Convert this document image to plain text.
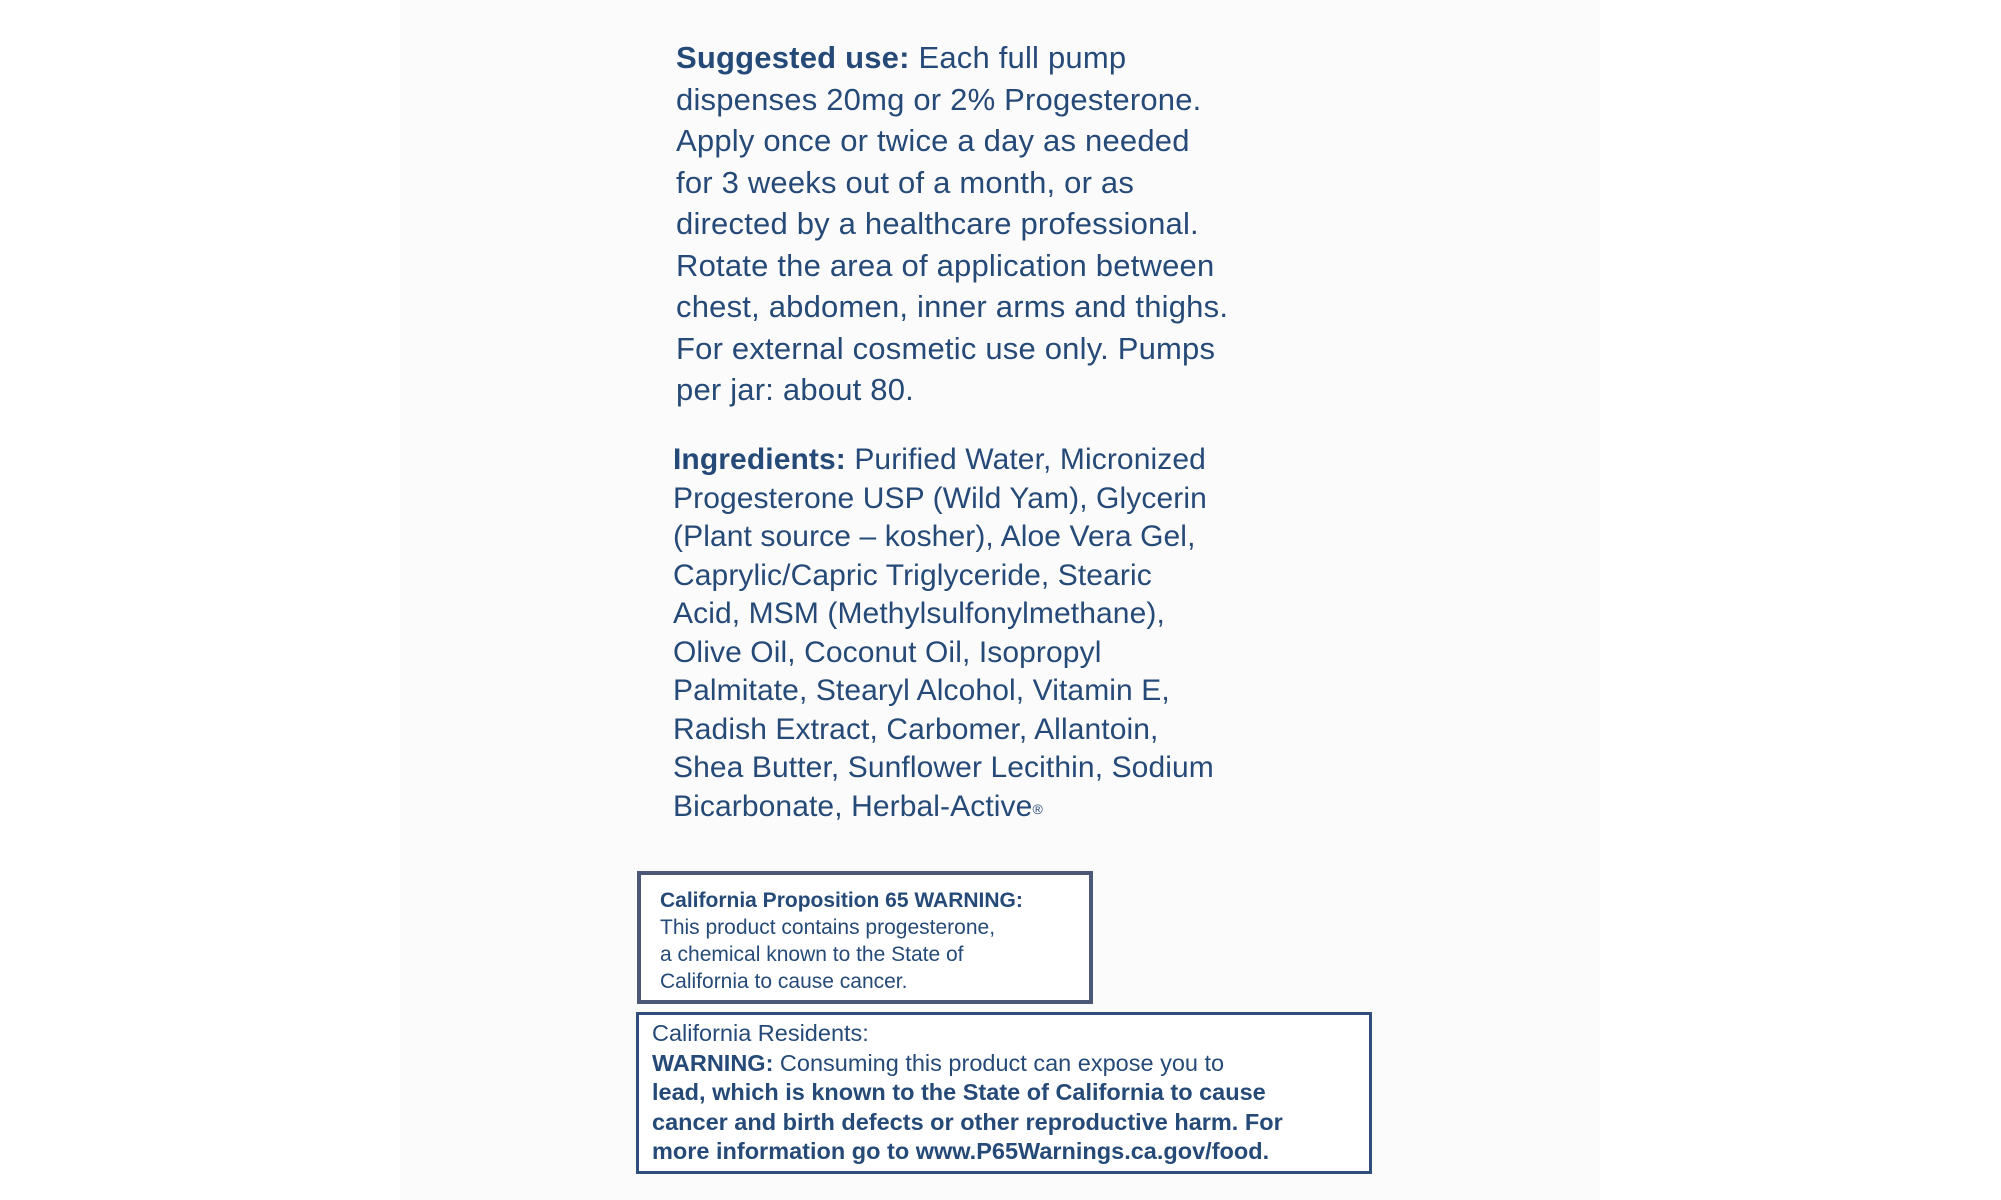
Suggested use: Each full pump
dispenses 20mg or 2% Progesterone.
Apply once or twice a day as needed
for 3 weeks out of a month, or as
directed by a healthcare professional.
Rotate the area of application between
chest, abdomen, inner arms and thighs.
For external cosmetic use only. Pumps
per jar: about 80.

Ingredients: Purified Water, Micronized
Progesterone USP (Wild Yam), Glycerin
(Plant source – kosher), Aloe Vera Gel,
Caprylic/Capric Triglyceride, Stearic
Acid, MSM (Methylsulfonylmethane),
Olive Oil, Coconut Oil, Isopropyl
Palmitate, Stearyl Alcohol, Vitamin E,
Radish Extract, Carbomer, Allantoin,
Shea Butter, Sunflower Lecithin, Sodium
Bicarbonate, Herbal-Active®

California Proposition 65 WARNING:
This product contains progesterone,
a chemical known to the State of
California to cause cancer.
California Residents:
WARNING: Consuming this product can expose you to
lead, which is known to the State of California to cause
cancer and birth defects or other reproductive harm. For
more information go to www.P65Warnings.ca.gov/food.
